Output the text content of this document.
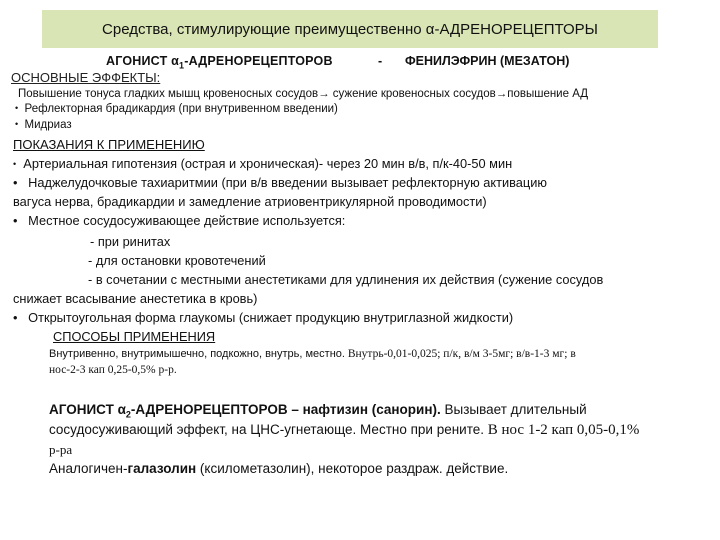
Средства, стимулирующие преимущественно α-АДРЕНОРЕЦЕПТОРЫ
АГОНИСТ $\alpha_1$-АДРЕНОРЕЦЕПТОРОВ	- ФЕНИЛЭФРИН (МЕЗАТОН)
ОСНОВНЫЕ ЭФФЕКТЫ:
Повышение тонуса гладких мышц кровеносных сосудов→ сужение кровеносных сосудов→повышение АД
• Рефлекторная брадикардия (при внутривенном введении)
• Мидриаз
ПОКАЗАНИЯ К ПРИМЕНЕНИЮ
• Артериальная гипотензия (острая и хроническая)- через 20 мин в/в, п/к-40-50 мин
• Наджелудочковые тахиаритмии (при в/в введении вызывает рефлекторную активацию
вагуса нерва, брадикардии и замедление атриовентрикулярной проводимости)
• Местное сосудосуживающее действие используется:
- при ринитах
- для остановки кровотечений
- в сочетании с местными анестетиками для удлинения их действия (сужение сосудов
снижает всасывание анестетика в кровь)
• Открытоугольная форма глаукомы (снижает продукцию внутриглазной жидкости)
СПОСОБЫ ПРИМЕНЕНИЯ
Внутривенно, внутримышечно, подкожно, внутрь, местно. Внутрь-0,01-0,025; п/к, в/м 3-5мг; в/в-1-3 мг; в
нос-2-3 кап 0,25-0,5% р-р.
АГОНИСТ $\alpha_2$-АДРЕНОРЕЦЕПТОРОВ – нафтизин (санорин). Вызывает длительный
сосудосуживающий эффект, на ЦНС-угнетающе. Местно при рените. В нос 1-2 кап 0,05-0,1%
р-ра
Аналогичен-галазолин (ксилометазолин), некоторое раздраж. действие.
